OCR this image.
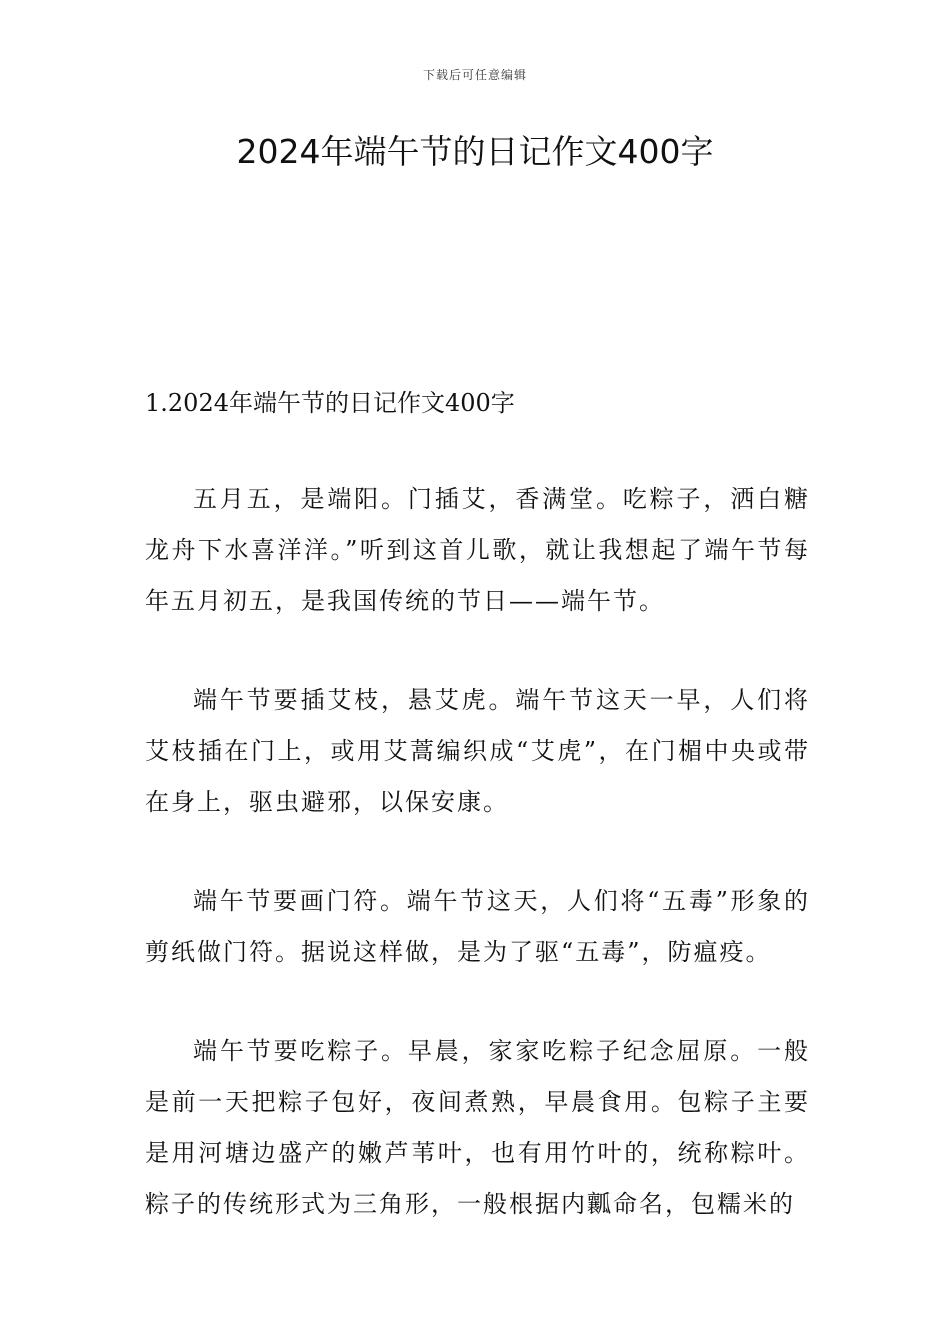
下载后可任意编辑
2024年端午节的日记作文400字
1.2024年端午节的日记作文400字

五月五，是端阳。门插艾，香满堂。吃粽子，洒白糖龙舟下水喜洋洋。”听到这首儿歌，就让我想起了端午节每年五月初五，是我国传统的节日——端午节。

端午节要插艾枝，悬艾虎。端午节这天一早，人们将艾枝插在门上，或用艾蒿编织成“艾虎”，在门楣中央或带在身上，驱虫避邪，以保安康。

端午节要画门符。端午节这天，人们将“五毒”形象的剪纸做门符。据说这样做，是为了驱“五毒”，防瘟疫。

端午节要吃粽子。早晨，家家吃粽子纪念屈原。一般是前一天把粽子包好，夜间煮熟，早晨食用。包粽子主要是用河塘边盛产的嫩芦苇叶，也有用竹叶的，统称粽叶。粽子的传统形式为三角形，一般根据内瓤命名，包糯米的
